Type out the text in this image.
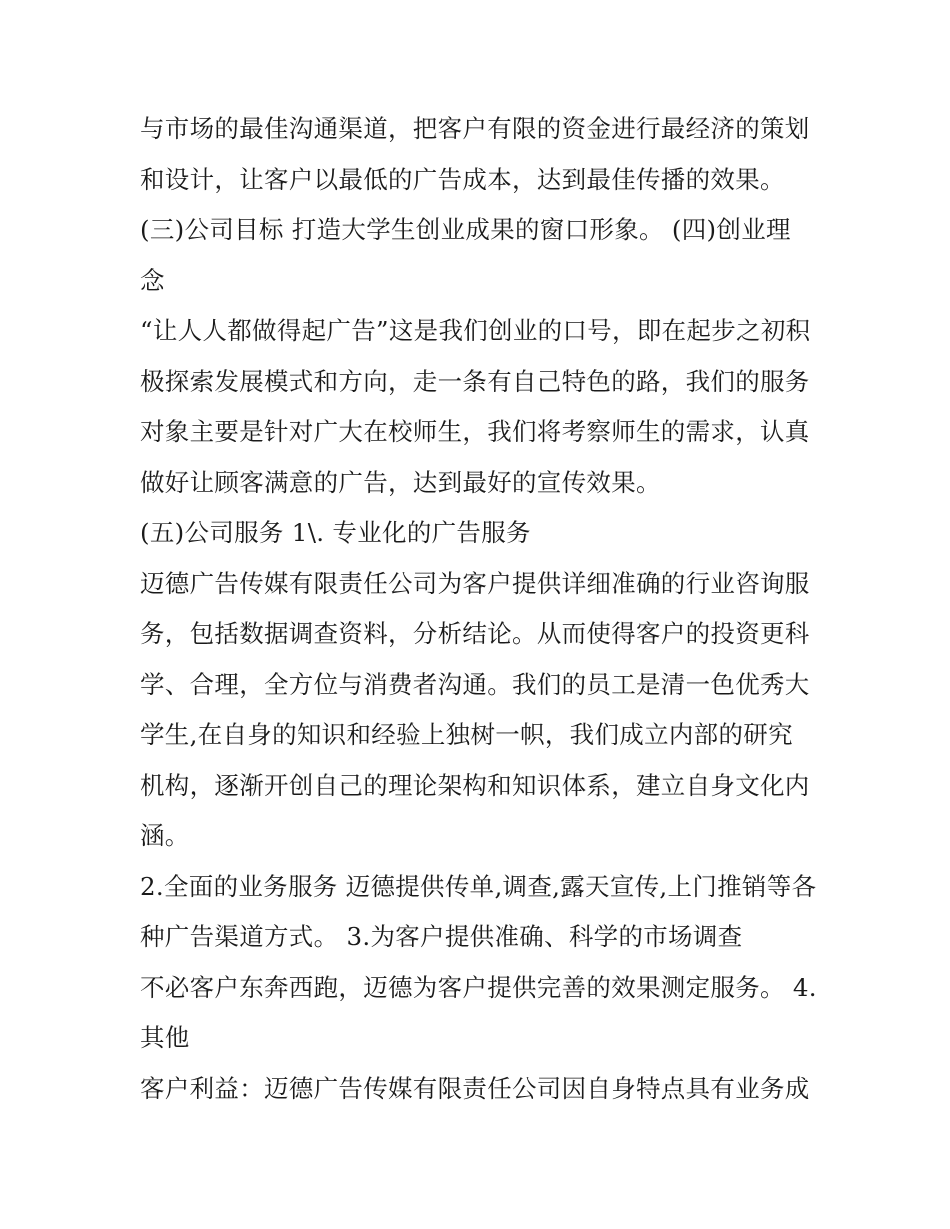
与市场的最佳沟通渠道，把客户有限的资金进行最经济的策划
和设计，让客户以最低的广告成本，达到最佳传播的效果。
(三)公司目标 打造大学生创业成果的窗口形象。 (四)创业理
念
“让人人都做得起广告”这是我们创业的口号，即在起步之初积
极探索发展模式和方向，走一条有自己特色的路，我们的服务
对象主要是针对广大在校师生，我们将考察师生的需求，认真
做好让顾客满意的广告，达到最好的宣传效果。
(五)公司服务 1\. 专业化的广告服务
迈德广告传媒有限责任公司为客户提供详细准确的行业咨询服
务，包括数据调查资料，分析结论。从而使得客户的投资更科
学、合理，全方位与消费者沟通。我们的员工是清一色优秀大
学生,在自身的知识和经验上独树一帜，我们成立内部的研究
机构，逐渐开创自己的理论架构和知识体系，建立自身文化内
涵。
2.全面的业务服务 迈德提供传单,调查,露天宣传,上门推销等各
种广告渠道方式。 3.为客户提供准确、科学的市场调查
不必客户东奔西跑，迈德为客户提供完善的效果测定服务。 4.
其他
客户利益：迈德广告传媒有限责任公司因自身特点具有业务成
